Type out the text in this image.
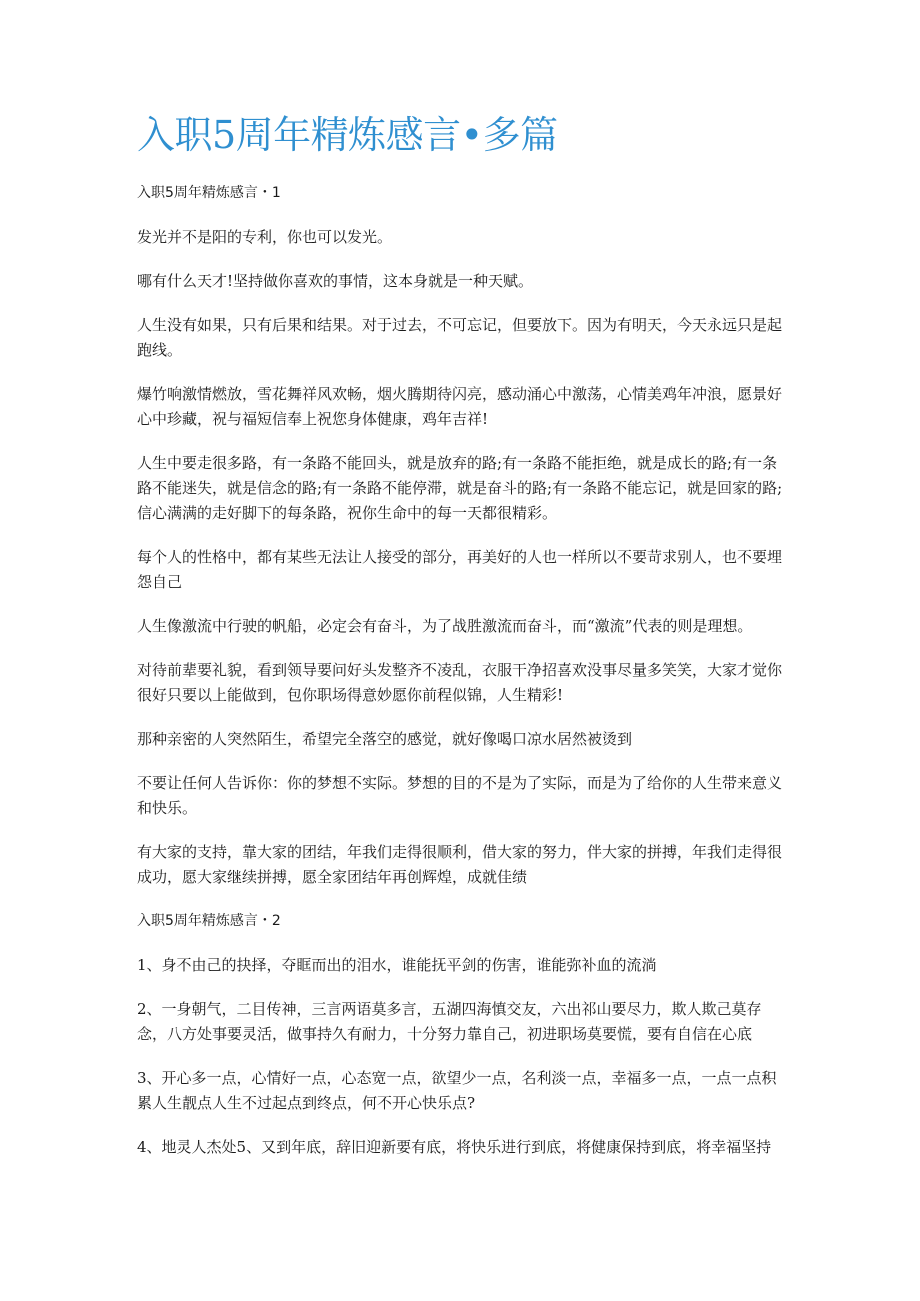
入职5周年精炼感言•多篇
入职5周年精炼感言・1
发光并不是阳的专利，你也可以发光。
哪有什么天才!坚持做你喜欢的事情，这本身就是一种天赋。
人生没有如果，只有后果和结果。对于过去，不可忘记，但要放下。因为有明天，今天永远只是起跑线。
爆竹响激情燃放，雪花舞祥风欢畅，烟火腾期待闪亮，感动涌心中激荡，心情美鸡年冲浪，愿景好心中珍藏，祝与福短信奉上祝您身体健康，鸡年吉祥!
人生中要走很多路，有一条路不能回头，就是放弃的路;有一条路不能拒绝，就是成长的路;有一条路不能迷失，就是信念的路;有一条路不能停滞，就是奋斗的路;有一条路不能忘记，就是回家的路;信心满满的走好脚下的每条路，祝你生命中的每一天都很精彩。
每个人的性格中，都有某些无法让人接受的部分，再美好的人也一样所以不要苛求别人，也不要埋怨自己
人生像激流中行驶的帆船，必定会有奋斗，为了战胜激流而奋斗，而“激流”代表的则是理想。
对待前辈要礼貌，看到领导要问好头发整齐不凌乱，衣服干净招喜欢没事尽量多笑笑，大家才觉你很好只要以上能做到，包你职场得意妙愿你前程似锦，人生精彩!
那种亲密的人突然陌生，希望完全落空的感觉，就好像喝口凉水居然被烫到
不要让任何人告诉你：你的梦想不实际。梦想的目的不是为了实际，而是为了给你的人生带来意义和快乐。
有大家的支持，靠大家的团结，年我们走得很顺利，借大家的努力，伴大家的拼搏，年我们走得很成功，愿大家继续拼搏，愿全家团结年再创辉煌，成就佳绩
入职5周年精炼感言・2
1、身不由己的抉择，夺眶而出的泪水，谁能抚平剑的伤害，谁能弥补血的流淌
2、一身朝气，二目传神，三言两语莫多言，五湖四海慎交友，六出祁山要尽力，欺人欺己莫存念，八方处事要灵活，做事持久有耐力，十分努力靠自己，初进职场莫要慌，要有自信在心底
3、开心多一点，心情好一点，心态宽一点，欲望少一点，名利淡一点，幸福多一点，一点一点积累人生靓点人生不过起点到终点，何不开心快乐点?
4、地灵人杰处5、又到年底，辞旧迎新要有底，将快乐进行到底，将健康保持到底，将幸福坚持
